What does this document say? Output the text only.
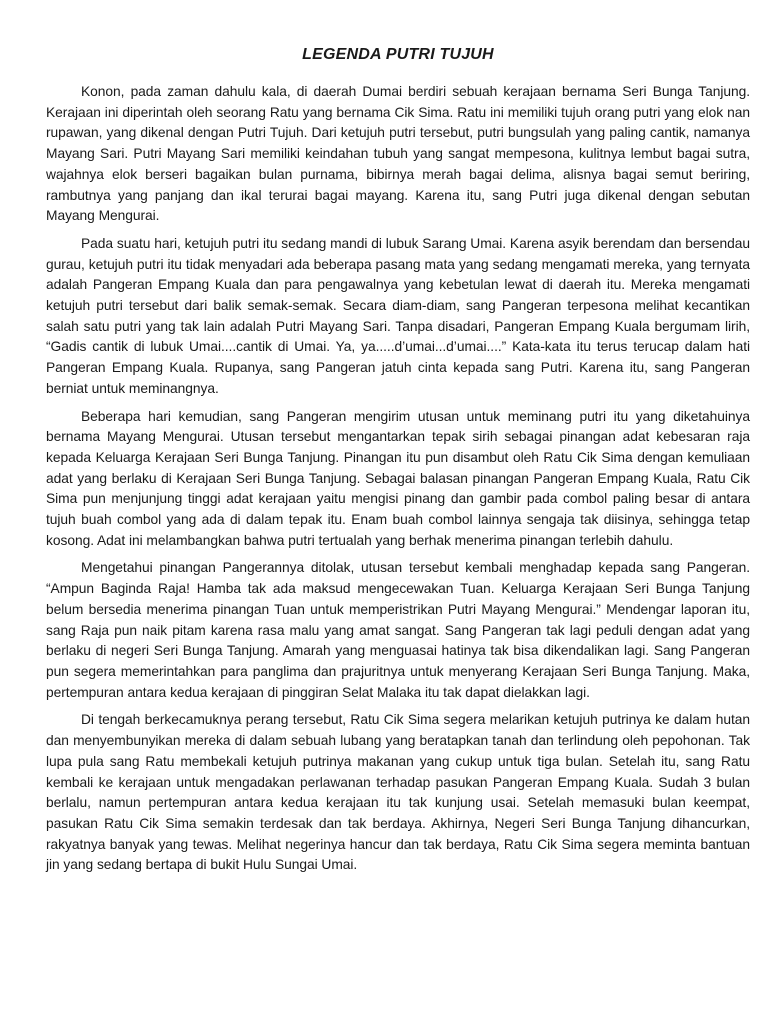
LEGENDA PUTRI TUJUH

Konon, pada zaman dahulu kala, di daerah Dumai berdiri sebuah kerajaan bernama Seri Bunga Tanjung. Kerajaan ini diperintah oleh seorang Ratu yang bernama Cik Sima. Ratu ini memiliki tujuh orang putri yang elok nan rupawan, yang dikenal dengan Putri Tujuh. Dari ketujuh putri tersebut, putri bungsulah yang paling cantik, namanya Mayang Sari. Putri Mayang Sari memiliki keindahan tubuh yang sangat mempesona, kulitnya lembut bagai sutra, wajahnya elok berseri bagaikan bulan purnama, bibirnya merah bagai delima, alisnya bagai semut beriring, rambutnya yang panjang dan ikal terurai bagai mayang. Karena itu, sang Putri juga dikenal dengan sebutan Mayang Mengurai.

Pada suatu hari, ketujuh putri itu sedang mandi di lubuk Sarang Umai. Karena asyik berendam dan bersendau gurau, ketujuh putri itu tidak menyadari ada beberapa pasang mata yang sedang mengamati mereka, yang ternyata adalah Pangeran Empang Kuala dan para pengawalnya yang kebetulan lewat di daerah itu. Mereka mengamati ketujuh putri tersebut dari balik semak-semak. Secara diam-diam, sang Pangeran terpesona melihat kecantikan salah satu putri yang tak lain adalah Putri Mayang Sari. Tanpa disadari, Pangeran Empang Kuala bergumam lirih, “Gadis cantik di lubuk Umai....cantik di Umai. Ya, ya.....d’umai...d’umai....” Kata-kata itu terus terucap dalam hati Pangeran Empang Kuala. Rupanya, sang Pangeran jatuh cinta kepada sang Putri. Karena itu, sang Pangeran berniat untuk meminangnya.

Beberapa hari kemudian, sang Pangeran mengirim utusan untuk meminang putri itu yang diketahuinya bernama Mayang Mengurai. Utusan tersebut mengantarkan tepak sirih sebagai pinangan adat kebesaran raja kepada Keluarga Kerajaan Seri Bunga Tanjung. Pinangan itu pun disambut oleh Ratu Cik Sima dengan kemuliaan adat yang berlaku di Kerajaan Seri Bunga Tanjung. Sebagai balasan pinangan Pangeran Empang Kuala, Ratu Cik Sima pun menjunjung tinggi adat kerajaan yaitu mengisi pinang dan gambir pada combol paling besar di antara tujuh buah combol yang ada di dalam tepak itu. Enam buah combol lainnya sengaja tak diisinya, sehingga tetap kosong. Adat ini melambangkan bahwa putri tertualah yang berhak menerima pinangan terlebih dahulu.

Mengetahui pinangan Pangerannya ditolak, utusan tersebut kembali menghadap kepada sang Pangeran. “Ampun Baginda Raja! Hamba tak ada maksud mengecewakan Tuan. Keluarga Kerajaan Seri Bunga Tanjung belum bersedia menerima pinangan Tuan untuk memperistrikan Putri Mayang Mengurai.” Mendengar laporan itu, sang Raja pun naik pitam karena rasa malu yang amat sangat. Sang Pangeran tak lagi peduli dengan adat yang berlaku di negeri Seri Bunga Tanjung. Amarah yang menguasai hatinya tak bisa dikendalikan lagi. Sang Pangeran pun segera memerintahkan para panglima dan prajuritnya untuk menyerang Kerajaan Seri Bunga Tanjung. Maka, pertempuran antara kedua kerajaan di pinggiran Selat Malaka itu tak dapat dielakkan lagi.

Di tengah berkecamuknya perang tersebut, Ratu Cik Sima segera melarikan ketujuh putrinya ke dalam hutan dan menyembunyikan mereka di dalam sebuah lubang yang beratapkan tanah dan terlindung oleh pepohonan. Tak lupa pula sang Ratu membekali ketujuh putrinya makanan yang cukup untuk tiga bulan. Setelah itu, sang Ratu kembali ke kerajaan untuk mengadakan perlawanan terhadap pasukan Pangeran Empang Kuala. Sudah 3 bulan berlalu, namun pertempuran antara kedua kerajaan itu tak kunjung usai. Setelah memasuki bulan keempat, pasukan Ratu Cik Sima semakin terdesak dan tak berdaya. Akhirnya, Negeri Seri Bunga Tanjung dihancurkan, rakyatnya banyak yang tewas. Melihat negerinya hancur dan tak berdaya, Ratu Cik Sima segera meminta bantuan jin yang sedang bertapa di bukit Hulu Sungai Umai.
